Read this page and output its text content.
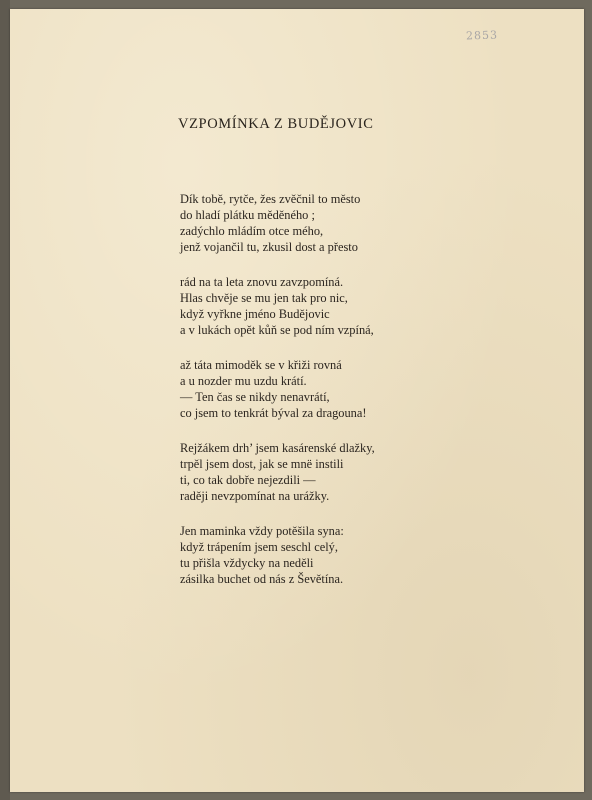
2853
VZPOMÍNKA Z BUDĚJOVIC
Dík tobě, rytče, žes zvěčnil to město
do hladí plátku měděného ;
zadýchlo mládím otce mého,
jenž vojančil tu, zkusil dost a přesto
rád na ta leta znovu zavzpomíná.
Hlas chvěje se mu jen tak pro nic,
když vyřkne jméno Budějovic
a v lukách opět kůň se pod ním vzpíná,
až táta mimoděk se v křiži rovná
a u nozder mu uzdu krátí.
— Ten čas se nikdy nenavrátí,
co jsem to tenkrát býval za dragouna!
Rejžákem drh’ jsem kasárenské dlažky,
trpěl jsem dost, jak se mnë instili
ti, co tak dobře nejezdili —
raději nevzpomínat na urážky.
Jen maminka vždy potěšila syna:
když trápením jsem seschl celý,
tu přišla vždycky na neděli
zásilka buchet od nás z Ševětína.
